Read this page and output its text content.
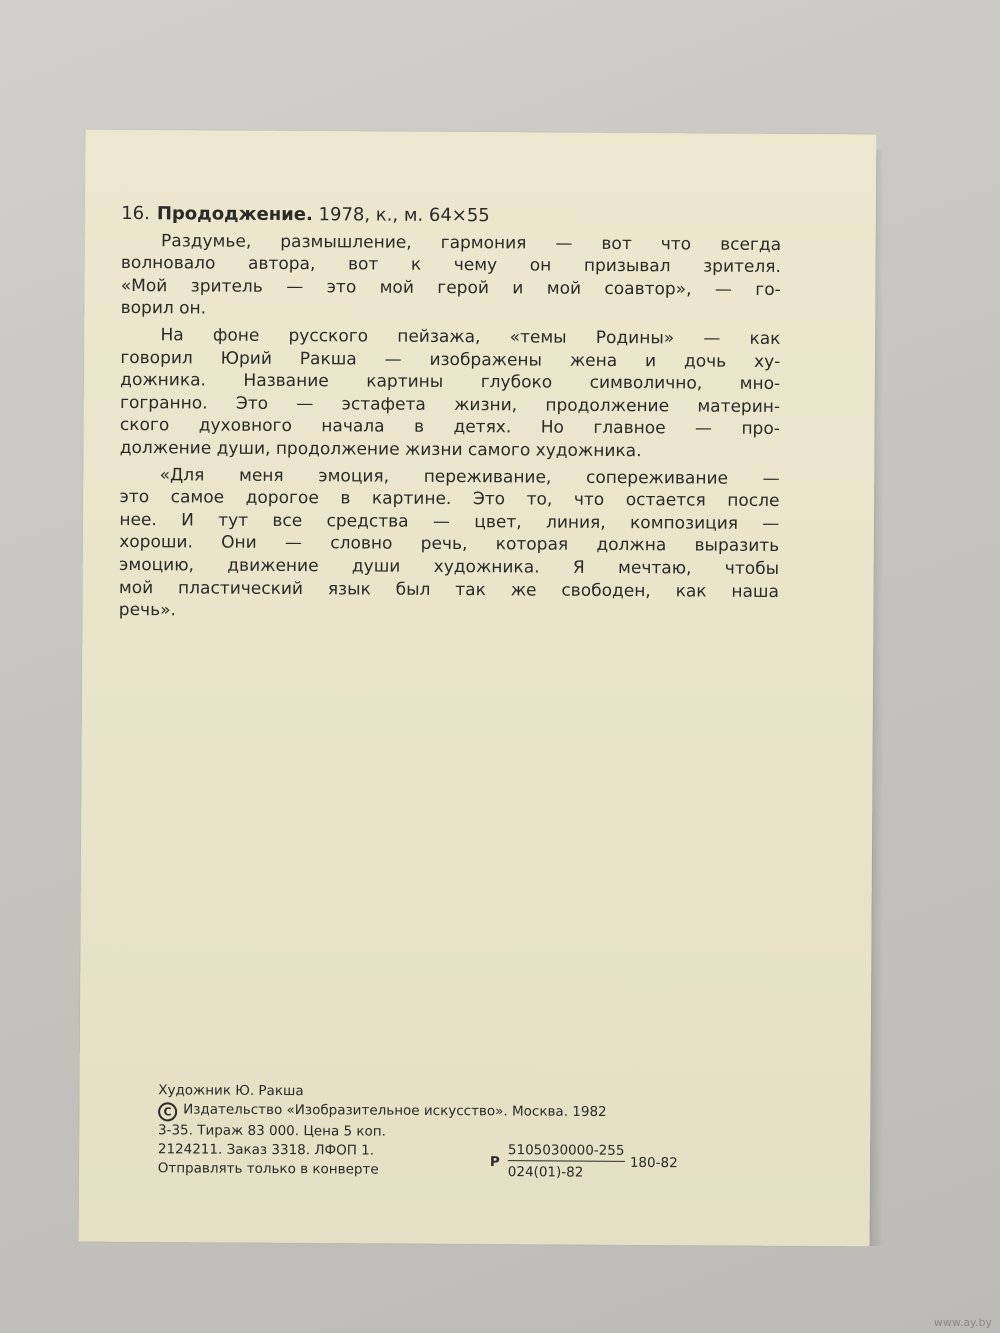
16. Прододжение. 1978, к., м. 64×55
Раздумье, размышление, гармония — вот что всегда
волновало автора, вот к чему он призывал зрителя.
«Мой зритель — это мой герой и мой соавтор», — го-
ворил он.
На фоне русского пейзажа, «темы Родины» — как
говорил Юрий Ракша — изображены жена и дочь ху-
дожника. Название картины глубоко символично, мно-
гогранно. Это — эстафета жизни, продолжение материн-
ского духовного начала в детях. Но главное — про-
должение души, продолжение жизни самого художника.
«Для меня эмоция, переживание, сопереживание —
это самое дорогое в картине. Это то, что остается после
нее. И тут все средства — цвет, линия, композиция —
хороши. Они — словно речь, которая должна выразить
эмоцию, движение души художника. Я мечтаю, чтобы
мой пластический язык был так же свободен, как наша
речь».
Художник Ю. Ракша
С Издательство «Изобразительное искусство». Москва. 1982
3-35. Тираж 83 000. Цена 5 коп.
2124211. Заказ 3318. ЛФОП 1.
Отправлять только в конверте	Р $\frac{5105030000-255}{024(01)-82} 180-82$
www.ay.by
